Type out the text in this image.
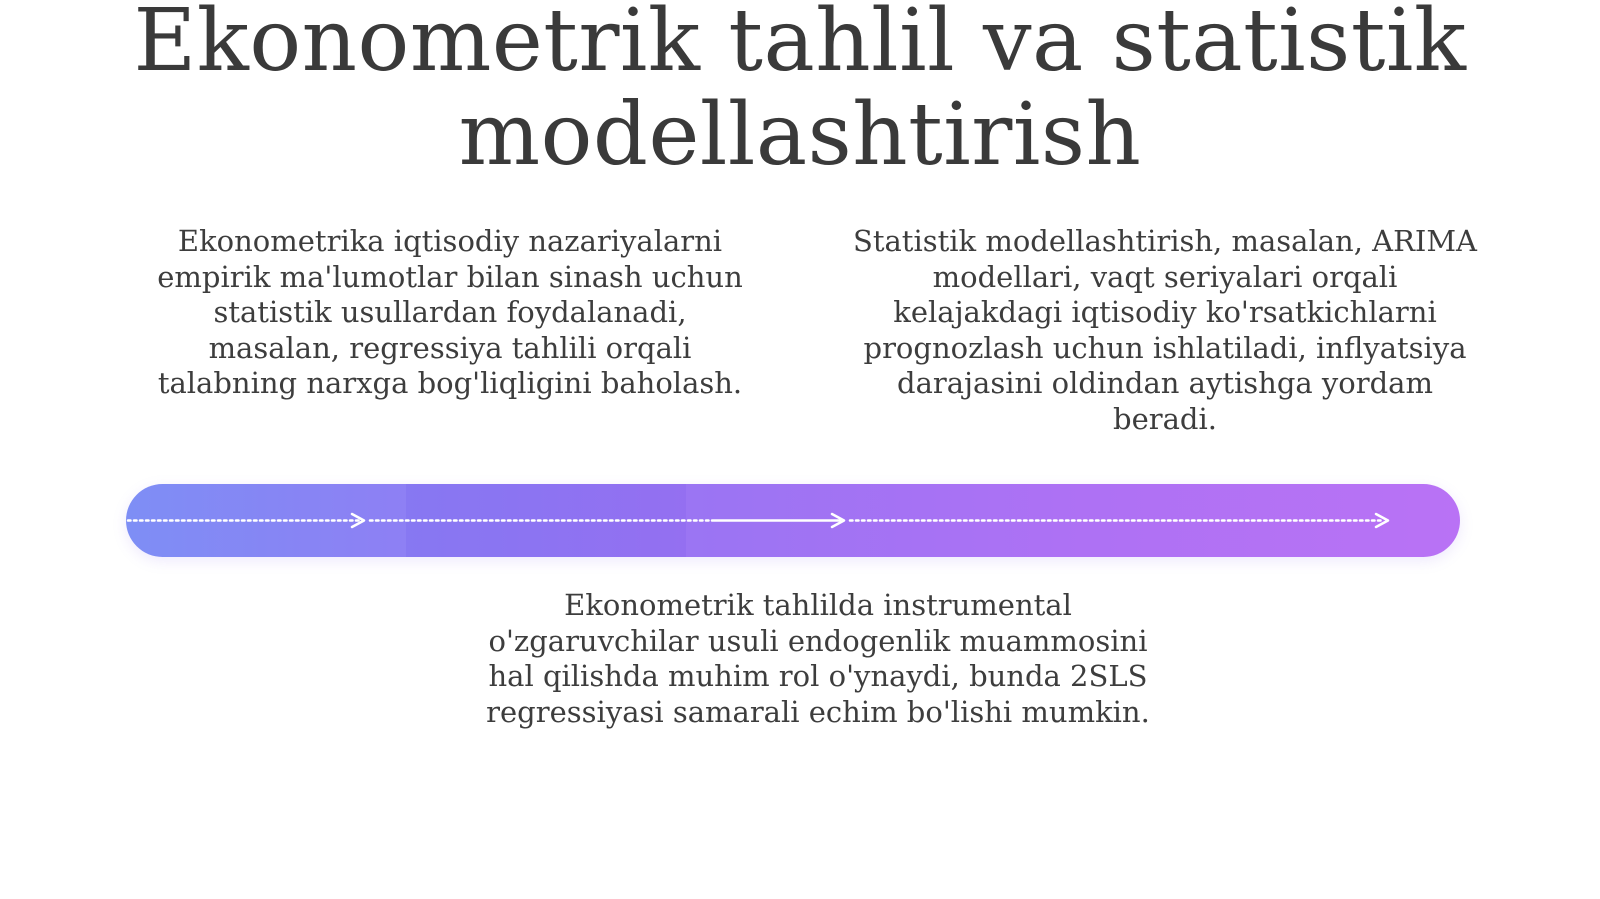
Ekonometrik tahlil va statistik modellashtirish

Ekonometrika iqtisodiy nazariyalarni empirik ma'lumotlar bilan sinash uchun statistik usullardan foydalanadi, masalan, regressiya tahlili orqali talabning narxga bog'liqligini baholash.

Statistik modellashtirish, masalan, ARIMA modellari, vaqt seriyalari orqali kelajakdagi iqtisodiy ko'rsatkichlarni prognozlash uchun ishlatiladi, inflyatsiya darajasini oldindan aytishga yordam beradi.

Ekonometrik tahlilda instrumental o'zgaruvchilar usuli endogenlik muammosini hal qilishda muhim rol o'ynaydi, bunda 2SLS regressiyasi samarali echim bo'lishi mumkin.
